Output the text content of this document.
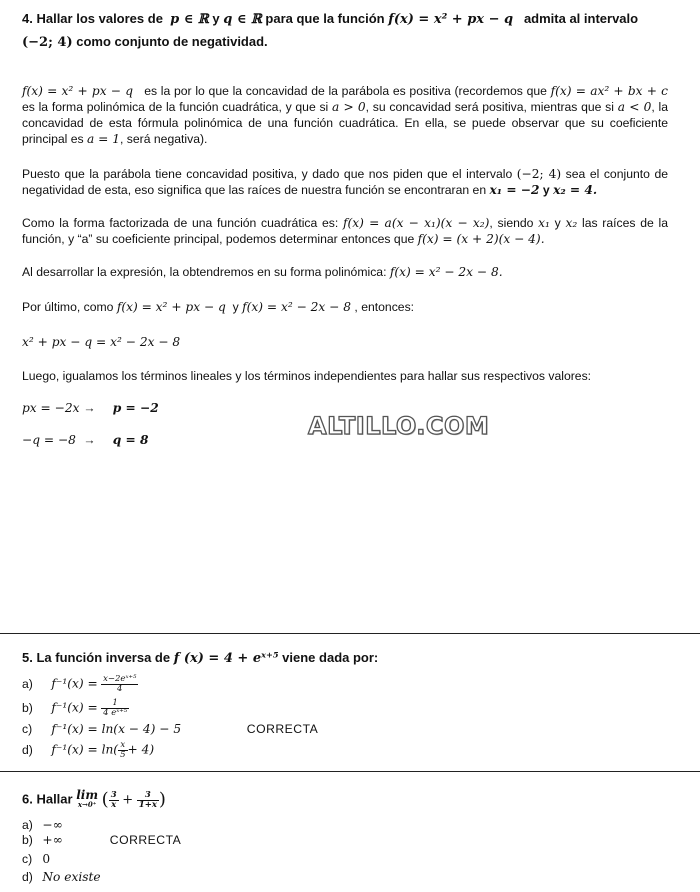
4. Hallar los valores de p ∈ ℝ y q ∈ ℝ para que la función f(x) = x² + px − q admita al intervalo
(−2; 4) como conjunto de negatividad.
f(x) = x² + px − q es la por lo que la concavidad de la parábola es positiva (recordemos que f(x) = ax² + bx + c es la forma polinómica de la función cuadrática, y que si a > 0, su concavidad será positiva, mientras que si a < 0, la concavidad de esta fórmula polinómica de una función cuadrática. En ella, se puede observar que su coeficiente principal es a = 1, será negativa).
Puesto que la parábola tiene concavidad positiva, y dado que nos piden que el intervalo (−2; 4) sea el conjunto de negatividad de esta, eso significa que las raíces de nuestra función se encontraran en x₁ = −2 y x₂ = 4.
Como la forma factorizada de una función cuadrática es: f(x) = a(x − x₁)(x − x₂), siendo x₁ y x₂ las raíces de la función, y “a” su coeficiente principal, podemos determinar entonces que f(x) = (x + 2)(x − 4).
Al desarrollar la expresión, la obtendremos en su forma polinómica: f(x) = x² − 2x − 8.
Por último, como f(x) = x² + px − q y f(x) = x² − 2x − 8 , entonces:
x² + px − q = x² − 2x − 8
Luego, igualamos los términos lineales y los términos independientes para hallar sus respectivos valores:
px = −2x → p = −2
−q = −8 → q = 8	ALTILLO.COM
5. La función inversa de f (x) = 4 + eˣ⁺⁵ viene dada por:
a) $f^{-1}(x) = \frac{\text{x−2eˣ⁺⁵}}{4}$
b) $f^{-1}(x) = \frac{1}{\text{4 eˣ⁺⁵}}$
c) f⁻¹(x) = ln(x − 4) − 5	CORRECTA
d) $f^{-1}(x) = \ln( \frac{x}{5} + 4)$
6. Hallar lim
x→0⁺ ( $\frac{3}{x} + \frac{3}{1+x}$ )
a) −∞
b) +∞	CORRECTA
c) 0
d) No existe
